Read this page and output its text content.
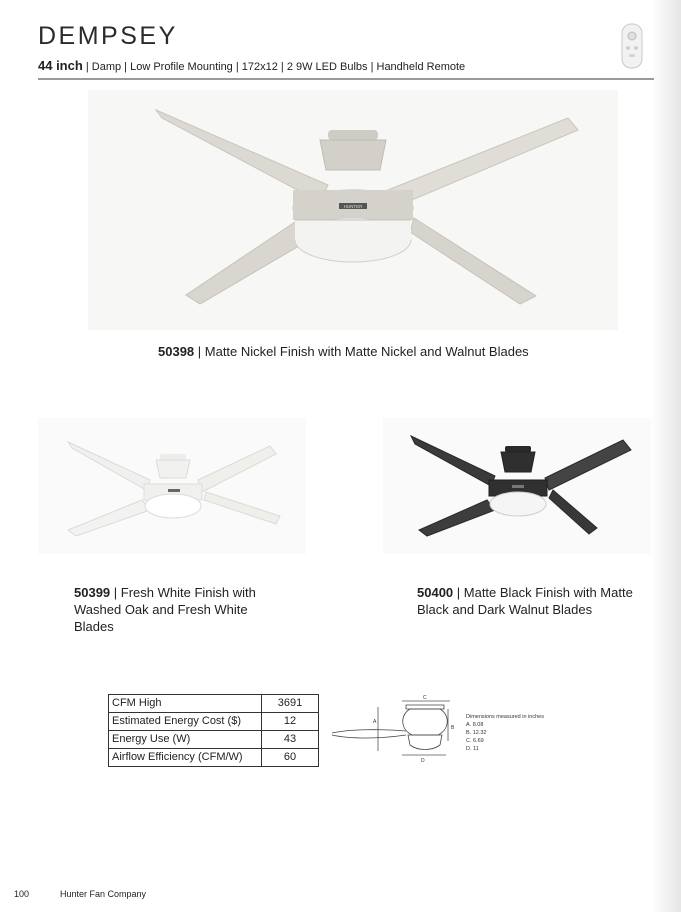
DEMPSEY
44 inch | Damp | Low Profile Mounting | 172x12 | 2 9W LED Bulbs | Handheld Remote
HUNTER
50398 | Matte Nickel Finish with Matte Nickel and Walnut Blades
50399 | Fresh White Finish with Washed Oak and Fresh White Blades
50400 | Matte Black Finish with Matte Black and Dark Walnut Blades
CFM High	3691
Estimated Energy Cost ($)	12
Energy Use (W)	43
Airflow Efficiency (CFM/W)	60
C
A
B
D
Dimensions measured in inches
A. 8.08
B. 12.32
C. 6.69
D. 11
100	Hunter Fan Company
